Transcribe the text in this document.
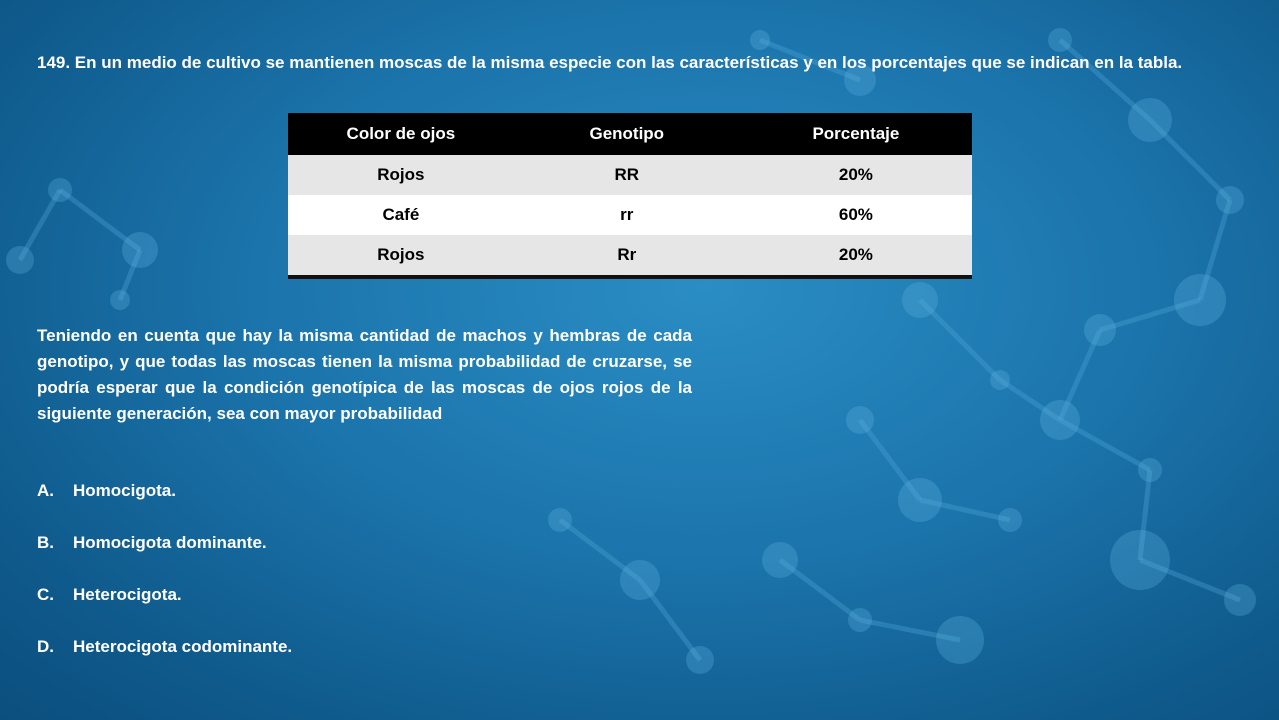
149. En un medio de cultivo se mantienen moscas de la misma especie con las características y en los porcentajes que se indican en la tabla.

Color de ojos	Genotipo	Porcentaje
Rojos	RR	20%
Café	rr	60%
Rojos	Rr	20%

Teniendo en cuenta que hay la misma cantidad de machos y hembras de cada genotipo, y que todas las moscas tienen la misma probabilidad de cruzarse, se podría esperar que la condición genotípica de las moscas de ojos rojos de la siguiente generación, sea con mayor probabilidad

A.	Homocigota.
B.	Homocigota dominante.
C.	Heterocigota.
D.	Heterocigota codominante.
